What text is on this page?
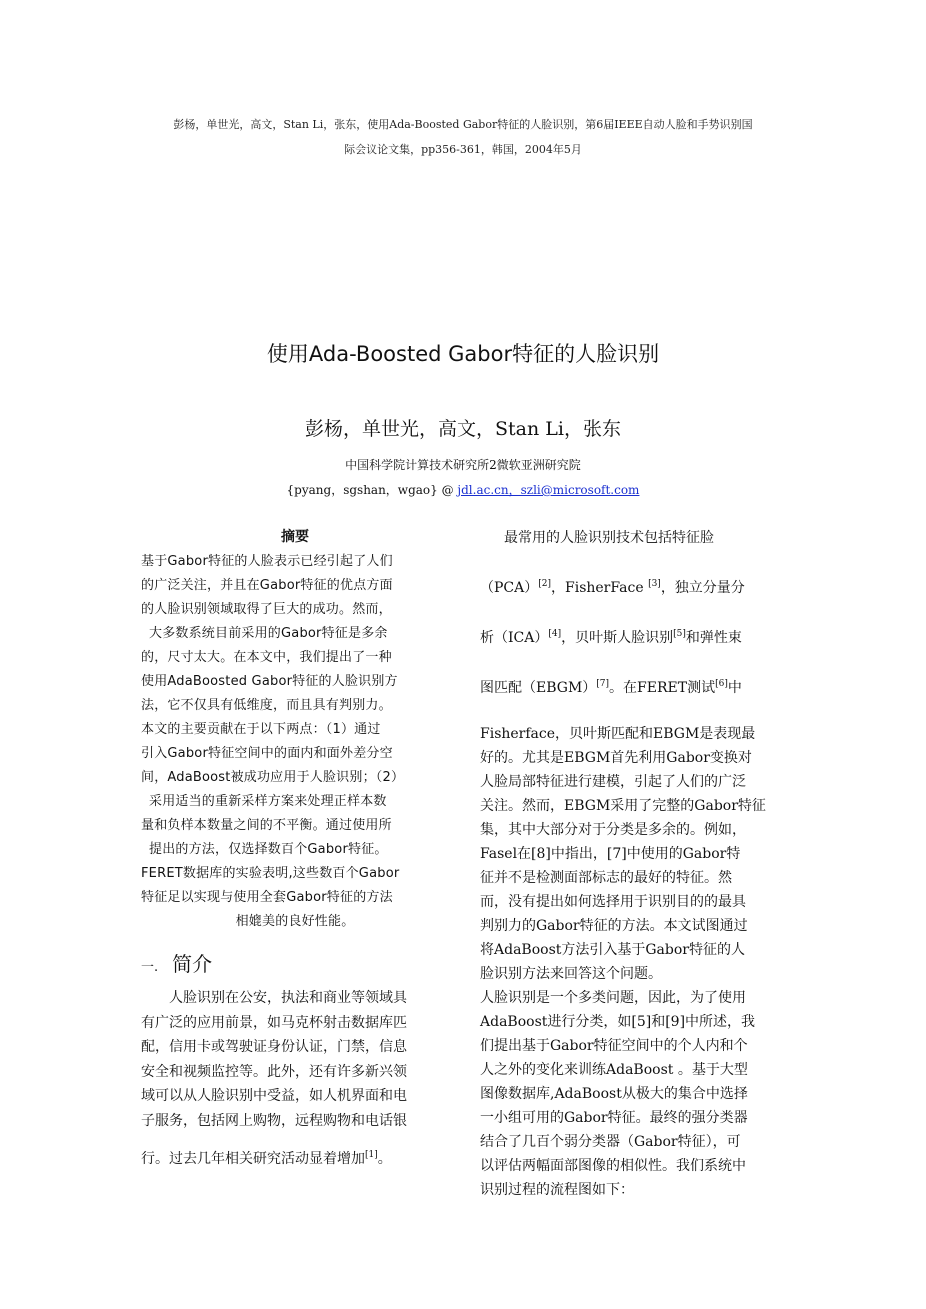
彭杨，单世光，高文，Stan Li，张东，使用Ada-Boosted Gabor特征的人脸识别，第6届IEEE自动人脸和手势识别国
际会议论文集，pp356-361，韩国，2004年5月
使用Ada-Boosted Gabor特征的人脸识别
彭杨，单世光，高文，Stan Li，张东
中国科学院计算技术研究所2微软亚洲研究院
{pyang，sgshan，wgao} @ jdl.ac.cn，szli@microsoft.com
摘要
基于Gabor特征的人脸表示已经引起了人们
的广泛关注，并且在Gabor特征的优点方面
的人脸识别领域取得了巨大的成功。然而，
大多数系统目前采用的Gabor特征是多余
的，尺寸太大。在本文中，我们提出了一种
使用AdaBoosted Gabor特征的人脸识别方
法，它不仅具有低维度，而且具有判别力。
本文的主要贡献在于以下两点：（1）通过
引入Gabor特征空间中的面内和面外差分空
间，AdaBoost被成功应用于人脸识别；（2）
采用适当的重新采样方案来处理正样本数
量和负样本数量之间的不平衡。通过使用所
提出的方法，仅选择数百个Gabor特征。
FERET数据库的实验表明,这些数百个Gabor
特征足以实现与使用全套Gabor特征的方法
相媲美的良好性能。
一. 简介
　　人脸识别在公安，执法和商业等领域具
有广泛的应用前景，如马克杯射击数据库匹
配，信用卡或驾驶证身份认证，门禁，信息
安全和视频监控等。此外，还有许多新兴领
域可以从人脸识别中受益，如人机界面和电
子服务，包括网上购物，远程购物和电话银
行。过去几年相关研究活动显着增加[1]。
最常用的人脸识别技术包括特征脸
（PCA）[2]，FisherFace [3]，独立分量分
析（ICA）[4]，贝叶斯人脸识别[5]和弹性束
图匹配（EBGM）[7]。在FERET测试[6]中
Fisherface，贝叶斯匹配和EBGM是表现最
好的。尤其是EBGM首先利用Gabor变换对
人脸局部特征进行建模，引起了人们的广泛
关注。然而，EBGM采用了完整的Gabor特征
集，其中大部分对于分类是多余的。例如，
Fasel在[8]中指出，[7]中使用的Gabor特
征并不是检测面部标志的最好的特征。然
而，没有提出如何选择用于识别目的的最具
判别力的Gabor特征的方法。本文试图通过
将AdaBoost方法引入基于Gabor特征的人
脸识别方法来回答这个问题。
人脸识别是一个多类问题，因此，为了使用
AdaBoost进行分类，如[5]和[9]中所述，我
们提出基于Gabor特征空间中的个人内和个
人之外的变化来训练AdaBoost 。基于大型
图像数据库,AdaBoost从极大的集合中选择
一小组可用的Gabor特征。最终的强分类器
结合了几百个弱分类器（Gabor特征），可
以评估两幅面部图像的相似性。我们系统中
识别过程的流程图如下：
